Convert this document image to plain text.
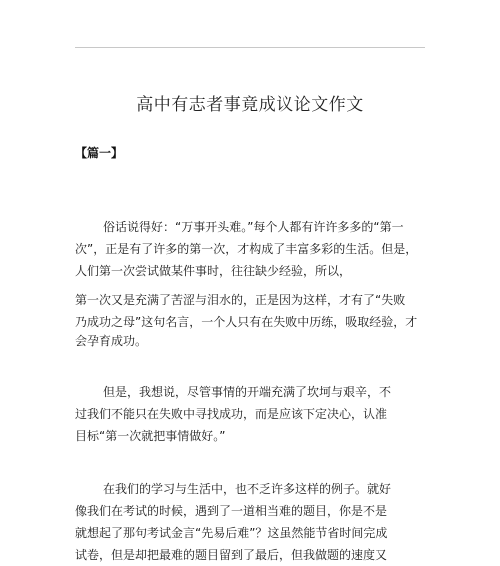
高中有志者事竟成议论文作文
【篇一】
俗话说得好：“万事开头难。”每个人都有许许多多的“第一
次”，正是有了许多的第一次，才构成了丰富多彩的生活。但是，
人们第一次尝试做某件事时，往往缺少经验，所以，
第一次又是充满了苦涩与泪水的，正是因为这样，才有了“失败
乃成功之母”这句名言，一个人只有在失败中历练，吸取经验，才
会孕育成功。
但是，我想说，尽管事情的开端充满了坎坷与艰辛，不
过我们不能只在失败中寻找成功，而是应该下定决心，认准
目标“第一次就把事情做好。”
在我们的学习与生活中，也不乏许多这样的例子。就好
像我们在考试的时候，遇到了一道相当难的题目，你是不是
就想起了那句考试金言“先易后难”？这虽然能节省时间完成
试卷，但是却把最难的题目留到了最后，但我做题的速度又
